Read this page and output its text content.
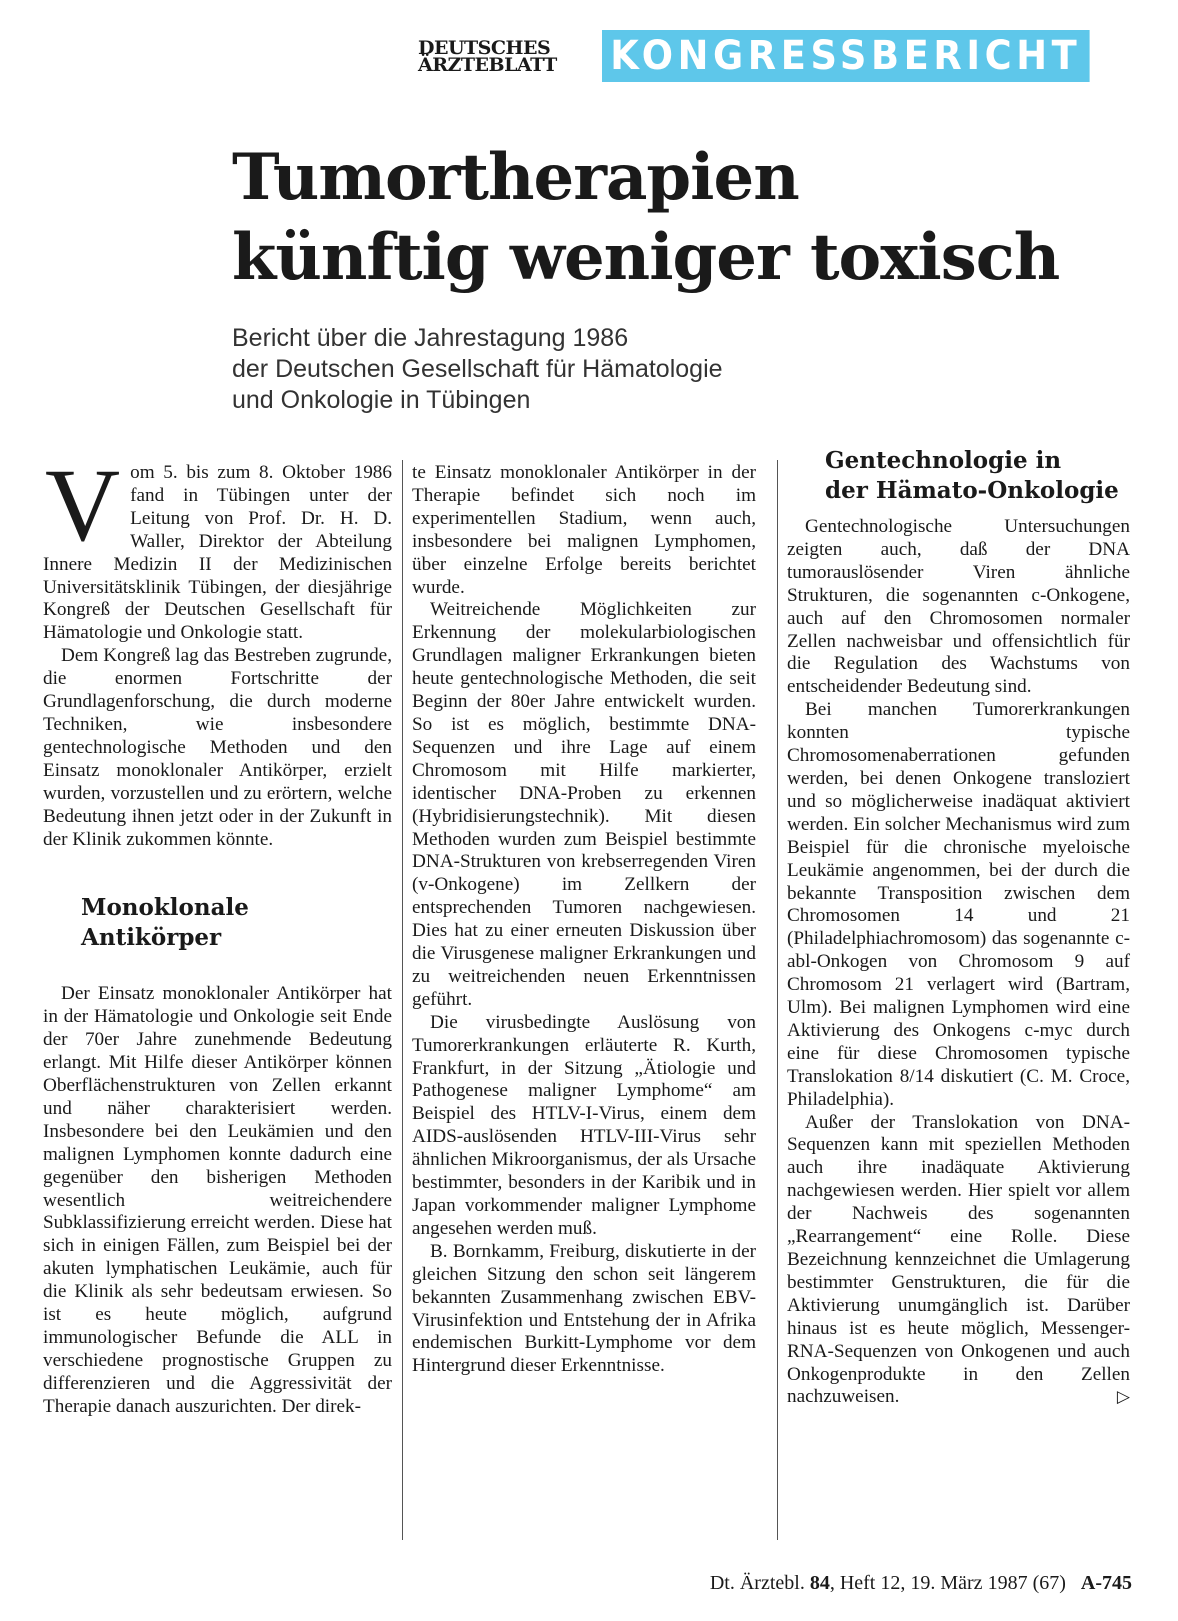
DEUTSCHES
ÄRZTEBLATT KONGRESSBERICHT
Tumortherapien
künftig weniger toxisch
Bericht über die Jahrestagung 1986
der Deutschen Gesellschaft für Hämatologie
und Onkologie in Tübingen

Vom 5. bis zum 8. Oktober 1986 fand in Tübingen unter der Leitung von Prof. Dr. H. D. Waller, Direktor der Abteilung Innere Medizin II der Medizinischen Universitätsklinik Tübingen, der diesjährige Kongreß der Deutschen Gesellschaft für Hämatologie und Onkologie statt.

Dem Kongreß lag das Bestreben zugrunde, die enormen Fortschritte der Grundlagenforschung, die durch moderne Techniken, wie insbesondere gentechnologische Methoden und den Einsatz monoklonaler Antikörper, erzielt wurden, vorzustellen und zu erörtern, welche Bedeutung ihnen jetzt oder in der Zukunft in der Klinik zukommen könnte.

Monoklonale
Antikörper

Der Einsatz monoklonaler Antikörper hat in der Hämatologie und Onkologie seit Ende der 70er Jahre zunehmende Bedeutung erlangt. Mit Hilfe dieser Antikörper können Oberflächenstrukturen von Zellen erkannt und näher charakterisiert werden. Insbesondere bei den Leukämien und den malignen Lymphomen konnte dadurch eine gegenüber den bisherigen Methoden wesentlich weitreichendere Subklassifizierung erreicht werden. Diese hat sich in einigen Fällen, zum Beispiel bei der akuten lymphatischen Leukämie, auch für die Klinik als sehr bedeutsam erwiesen. So ist es heute möglich, aufgrund immunologischer Befunde die ALL in verschiedene prognostische Gruppen zu differenzieren und die Aggressivität der Therapie danach auszurichten. Der direk-

te Einsatz monoklonaler Antikörper in der Therapie befindet sich noch im experimentellen Stadium, wenn auch, insbesondere bei malignen Lymphomen, über einzelne Erfolge bereits berichtet wurde.

Weitreichende Möglichkeiten zur Erkennung der molekularbiologischen Grundlagen maligner Erkrankungen bieten heute gentechnologische Methoden, die seit Beginn der 80er Jahre entwickelt wurden. So ist es möglich, bestimmte DNA-Sequenzen und ihre Lage auf einem Chromosom mit Hilfe markierter, identischer DNA-Proben zu erkennen (Hybridisierungstechnik). Mit diesen Methoden wurden zum Beispiel bestimmte DNA-Strukturen von krebserregenden Viren (v-Onkogene) im Zellkern der entsprechenden Tumoren nachgewiesen. Dies hat zu einer erneuten Diskussion über die Virusgenese maligner Erkrankungen und zu weitreichenden neuen Erkenntnissen geführt.

Die virusbedingte Auslösung von Tumorerkrankungen erläuterte R. Kurth, Frankfurt, in der Sitzung „Ätiologie und Pathogenese maligner Lymphome“ am Beispiel des HTLV-I-Virus, einem dem AIDS-auslösenden HTLV-III-Virus sehr ähnlichen Mikroorganismus, der als Ursache bestimmter, besonders in der Karibik und in Japan vorkommender maligner Lymphome angesehen werden muß.

B. Bornkamm, Freiburg, diskutierte in der gleichen Sitzung den schon seit längerem bekannten Zusammenhang zwischen EBV-Virusinfektion und Entstehung der in Afrika endemischen Burkitt-Lymphome vor dem Hintergrund dieser Erkenntnisse.

Gentechnologie in
der Hämato-Onkologie

Gentechnologische Untersuchungen zeigten auch, daß der DNA tumorauslösender Viren ähnliche Strukturen, die sogenannten c-Onkogene, auch auf den Chromosomen normaler Zellen nachweisbar und offensichtlich für die Regulation des Wachstums von entscheidender Bedeutung sind.

Bei manchen Tumorerkrankungen konnten typische Chromosomenaberrationen gefunden werden, bei denen Onkogene transloziert und so möglicherweise inadäquat aktiviert werden. Ein solcher Mechanismus wird zum Beispiel für die chronische myeloische Leukämie angenommen, bei der durch die bekannte Transposition zwischen dem Chromosomen 14 und 21 (Philadelphiachromosom) das sogenannte c-abl-Onkogen von Chromosom 9 auf Chromosom 21 verlagert wird (Bartram, Ulm). Bei malignen Lymphomen wird eine Aktivierung des Onkogens c-myc durch eine für diese Chromosomen typische Translokation 8/14 diskutiert (C. M. Croce, Philadelphia).

Außer der Translokation von DNA-Sequenzen kann mit speziellen Methoden auch ihre inadäquate Aktivierung nachgewiesen werden. Hier spielt vor allem der Nachweis des sogenannten „Rearrangement“ eine Rolle. Diese Bezeichnung kennzeichnet die Umlagerung bestimmter Genstrukturen, die für die Aktivierung unumgänglich ist. Darüber hinaus ist es heute möglich, Messenger-RNA-Sequenzen von Onkogenen und auch Onkogenprodukte in den Zellen nachzuweisen.	▷

Dt. Ärztebl. 84, Heft 12, 19. März 1987 (67) A-745
